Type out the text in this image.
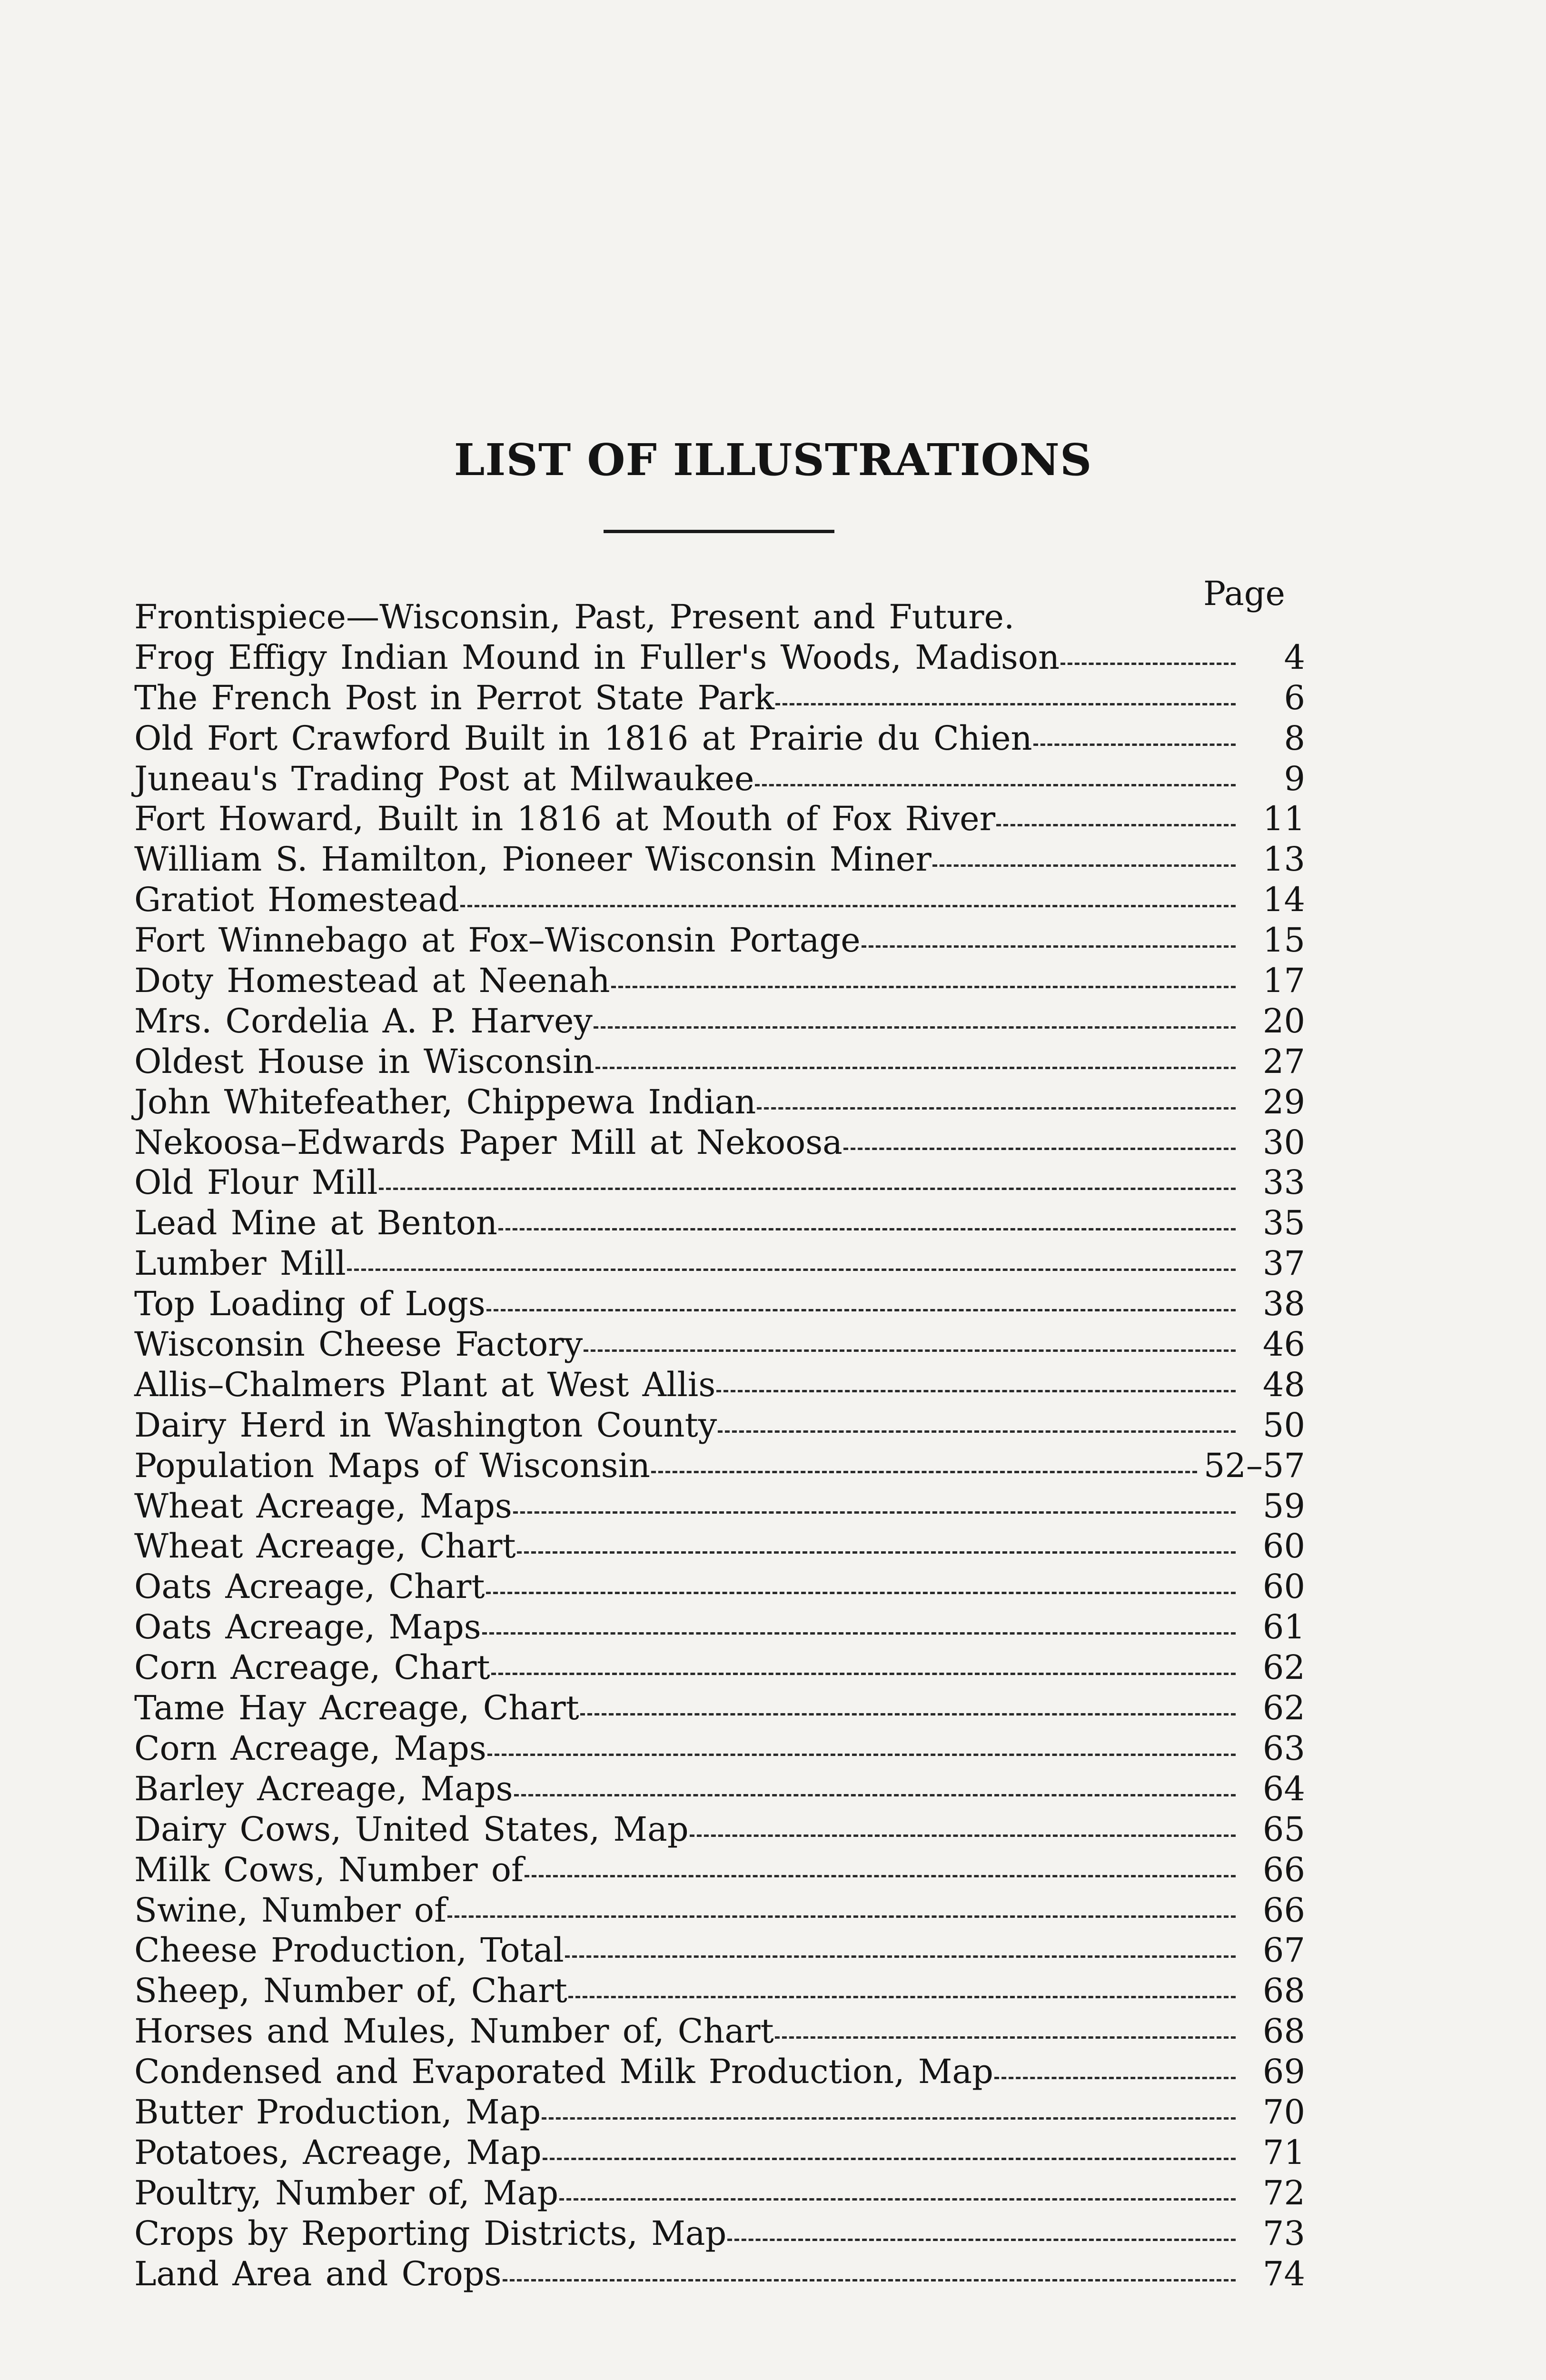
LIST OF ILLUSTRATIONS
Page
Frontispiece—Wisconsin, Past, Present and Future.
Frog Effigy Indian Mound in Fuller's Woods, Madison	4
The French Post in Perrot State Park	6
Old Fort Crawford Built in 1816 at Prairie du Chien	8
Juneau's Trading Post at Milwaukee	9
Fort Howard, Built in 1816 at Mouth of Fox River	11
William S. Hamilton, Pioneer Wisconsin Miner	13
Gratiot Homestead	14
Fort Winnebago at Fox–Wisconsin Portage	15
Doty Homestead at Neenah	17
Mrs. Cordelia A. P. Harvey	20
Oldest House in Wisconsin	27
John Whitefeather, Chippewa Indian	29
Nekoosa–Edwards Paper Mill at Nekoosa	30
Old Flour Mill	33
Lead Mine at Benton	35
Lumber Mill	37
Top Loading of Logs	38
Wisconsin Cheese Factory	46
Allis–Chalmers Plant at West Allis	48
Dairy Herd in Washington County	50
Population Maps of Wisconsin	52–57
Wheat Acreage, Maps	59
Wheat Acreage, Chart	60
Oats Acreage, Chart	60
Oats Acreage, Maps	61
Corn Acreage, Chart	62
Tame Hay Acreage, Chart	62
Corn Acreage, Maps	63
Barley Acreage, Maps	64
Dairy Cows, United States, Map	65
Milk Cows, Number of	66
Swine, Number of	66
Cheese Production, Total	67
Sheep, Number of, Chart	68
Horses and Mules, Number of, Chart	68
Condensed and Evaporated Milk Production, Map	69
Butter Production, Map	70
Potatoes, Acreage, Map	71
Poultry, Number of, Map	72
Crops by Reporting Districts, Map	73
Land Area and Crops	74
